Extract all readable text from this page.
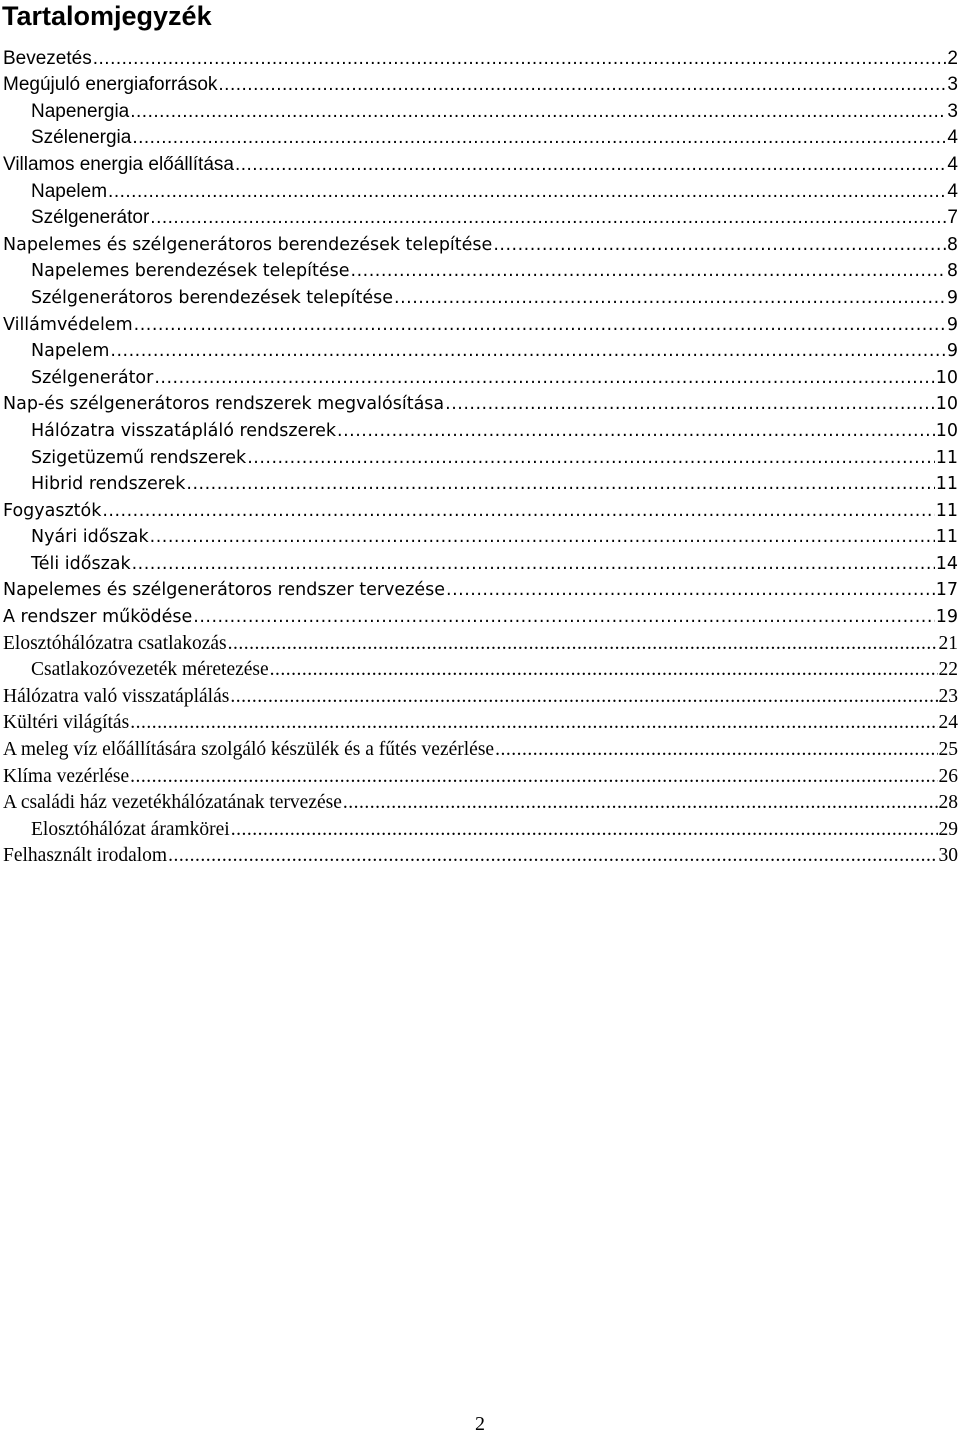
Tartalomjegyzék
Bevezetés .....	2
Megújuló energiaforrások .....	3
Napenergia .....	3
Szélenergia .....	4
Villamos energia előállítása .....	4
Napelem .....	4
Szélgenerátor .....	7
Napelemes és szélgenerátoros berendezések telepítése .....	8
Napelemes berendezések telepítése .....	8
Szélgenerátoros berendezések telepítése .....	9
Villámvédelem .....	9
Napelem .....	9
Szélgenerátor .....	10
Nap-és szélgenerátoros rendszerek megvalósítása .....	10
Hálózatra visszatápláló rendszerek .....	10
Szigetüzemű rendszerek .....	11
Hibrid rendszerek .....	11
Fogyasztók .....	11
Nyári időszak .....	11
Téli időszak .....	14
Napelemes és szélgenerátoros rendszer tervezése .....	17
A rendszer működése .....	19
Elosztóhálózatra csatlakozás .....	21
Csatlakozóvezeték méretezése .....	22
Hálózatra való visszatáplálás .....	23
Kültéri világítás .....	24
A meleg víz előállítására szolgáló készülék és a fűtés vezérlése .....	25
Klíma vezérlése .....	26
A családi ház vezetékhálózatának tervezése .....	28
Elosztóhálózat áramkörei .....	29
Felhasznált irodalom .....	30
2
